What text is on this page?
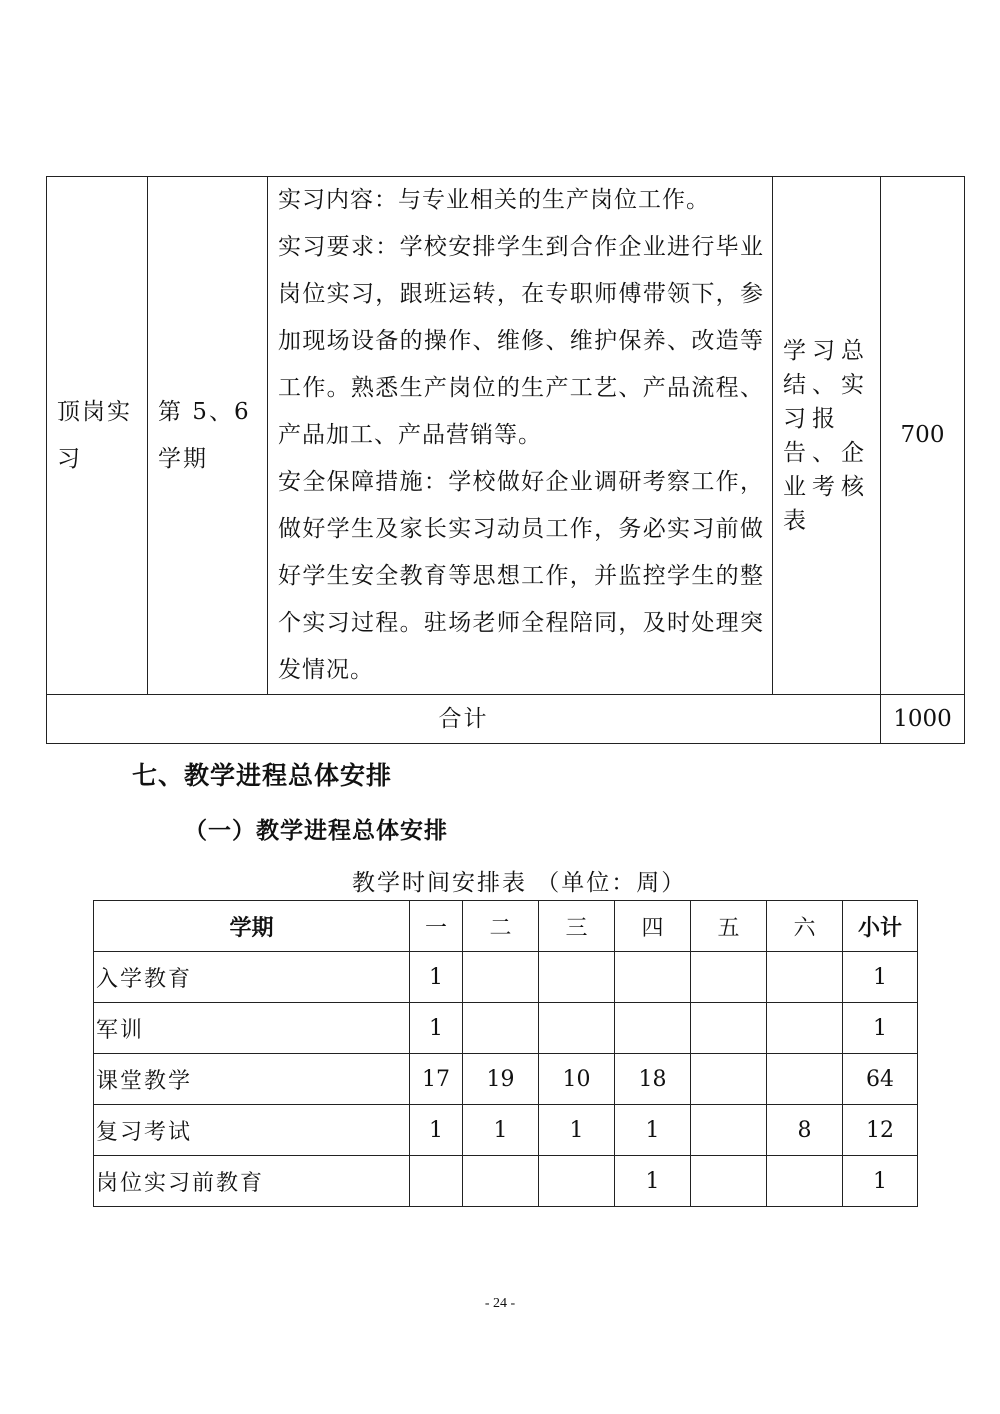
顶岗实习	第 5、6 学期	实习内容：与专业相关的生产岗位工作。

实习要求：学校安排学生到合作企业进行毕业岗位实习，跟班运转，在专职师傅带领下，参加现场设备的操作、维修、维护保养、改造等工作。熟悉生产岗位的生产工艺、产品流程、产品加工、产品营销等。

安全保障措施：学校做好企业调研考察工作，做好学生及家长实习动员工作，务必实习前做好学生安全教育等思想工作，并监控学生的整个实习过程。驻场老师全程陪同，及时处理突发情况。	学习总结、实习报告、企业考核表	700
合计				1000
七、教学进程总体安排
（一）教学进程总体安排
教学时间安排表 （单位：周）
学期	一	二	三	四	五	六	小计
入学教育	1						1
军训	1						1
课堂教学	17	19	10	18			64
复习考试	1	1	1	1		8	12
岗位实习前教育				1			1
- 24 -
